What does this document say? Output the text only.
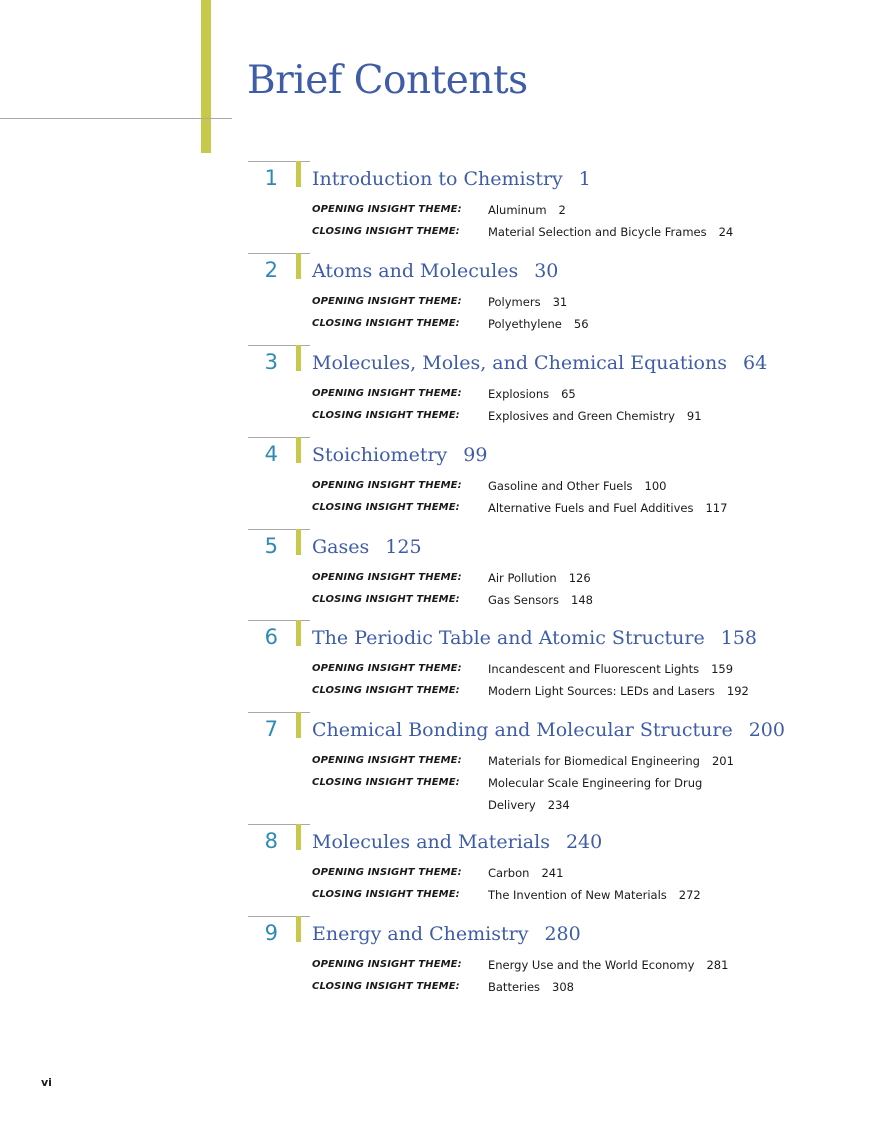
Brief Contents
1 Introduction to Chemistry 1
OPENING INSIGHT THEME: Aluminum 2
CLOSING INSIGHT THEME: Material Selection and Bicycle Frames 24
2 Atoms and Molecules 30
OPENING INSIGHT THEME: Polymers 31
CLOSING INSIGHT THEME: Polyethylene 56
3 Molecules, Moles, and Chemical Equations 64
OPENING INSIGHT THEME: Explosions 65
CLOSING INSIGHT THEME: Explosives and Green Chemistry 91
4 Stoichiometry 99
OPENING INSIGHT THEME: Gasoline and Other Fuels 100
CLOSING INSIGHT THEME: Alternative Fuels and Fuel Additives 117
5 Gases 125
OPENING INSIGHT THEME: Air Pollution 126
CLOSING INSIGHT THEME: Gas Sensors 148
6 The Periodic Table and Atomic Structure 158
OPENING INSIGHT THEME: Incandescent and Fluorescent Lights 159
CLOSING INSIGHT THEME: Modern Light Sources: LEDs and Lasers 192
7 Chemical Bonding and Molecular Structure 200
OPENING INSIGHT THEME: Materials for Biomedical Engineering 201
CLOSING INSIGHT THEME: Molecular Scale Engineering for Drug Delivery 234
8 Molecules and Materials 240
OPENING INSIGHT THEME: Carbon 241
CLOSING INSIGHT THEME: The Invention of New Materials 272
9 Energy and Chemistry 280
OPENING INSIGHT THEME: Energy Use and the World Economy 281
CLOSING INSIGHT THEME: Batteries 308
vi
